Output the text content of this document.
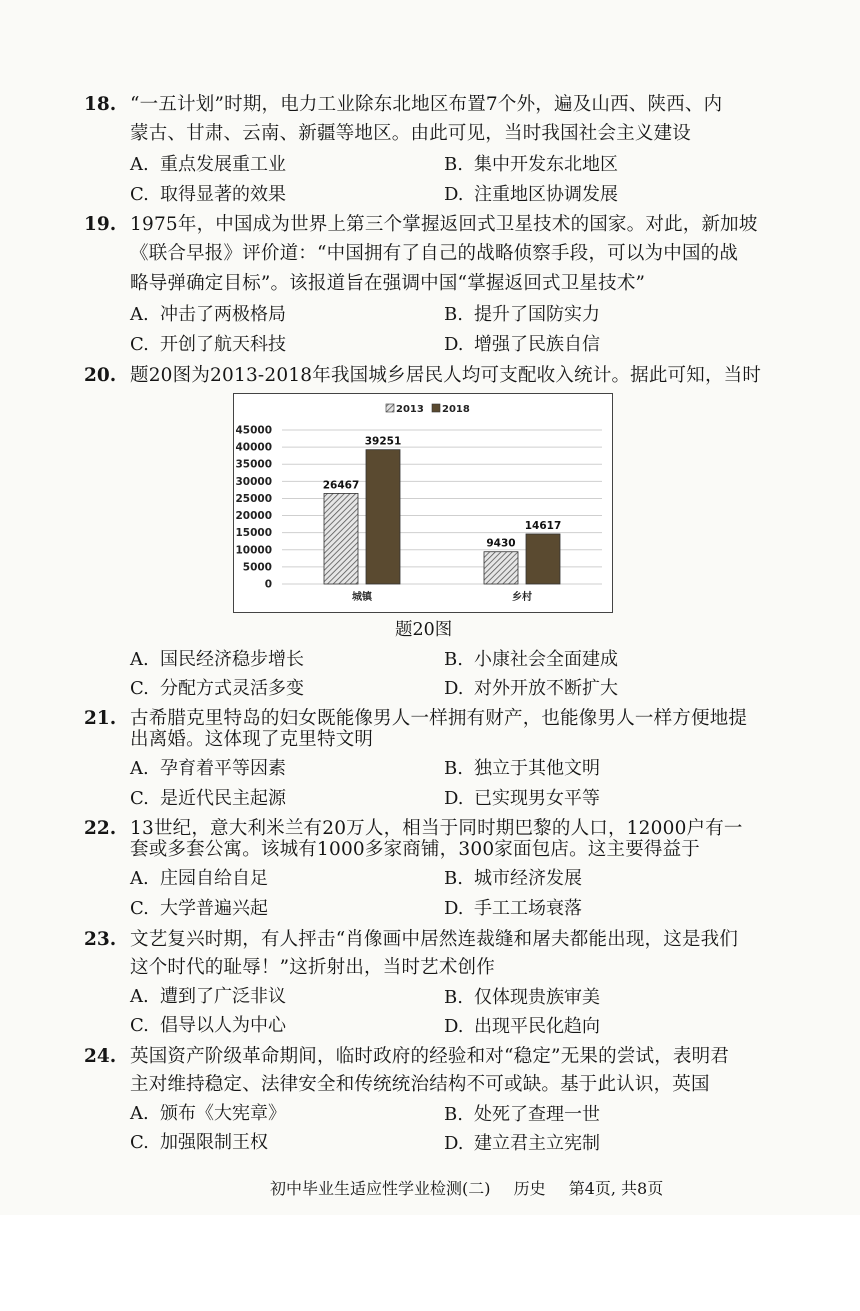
18. “一五计划”时期，电力工业除东北地区布置7个外，遍及山西、陕西、内
蒙古、甘肃、云南、新疆等地区。由此可见，当时我国社会主义建设
A. 重点发展重工业	B. 集中开发东北地区
C. 取得显著的效果	D. 注重地区协调发展
19. 1975年，中国成为世界上第三个掌握返回式卫星技术的国家。对此，新加坡
《联合早报》评价道：“中国拥有了自己的战略侦察手段，可以为中国的战
略导弹确定目标”。该报道旨在强调中国“掌握返回式卫星技术”
A. 冲击了两极格局	B. 提升了国防实力
C. 开创了航天科技	D. 增强了民族自信
20. 题20图为2013-2018年我国城乡居民人均可支配收入统计。据此可知，当时
45000
40000
35000
30000
25000
20000
15000
10000
5000
0
26467
39251
9430
14617
城镇	乡村
2013 2018
题20图
A. 国民经济稳步增长	B. 小康社会全面建成
C. 分配方式灵活多变	D. 对外开放不断扩大
21. 古希腊克里特岛的妇女既能像男人一样拥有财产，也能像男人一样方便地提
出离婚。这体现了克里特文明
A. 孕育着平等因素	B. 独立于其他文明
C. 是近代民主起源	D. 已实现男女平等
22. 13世纪，意大利米兰有20万人，相当于同时期巴黎的人口，12000户有一
套或多套公寓。该城有1000多家商铺，300家面包店。这主要得益于
A. 庄园自给自足	B. 城市经济发展
C. 大学普遍兴起	D. 手工工场衰落
23. 文艺复兴时期，有人抨击“肖像画中居然连裁缝和屠夫都能出现，这是我们
这个时代的耻辱！”这折射出，当时艺术创作
A. 遭到了广泛非议	B. 仅体现贵族审美
C. 倡导以人为中心	D. 出现平民化趋向
24. 英国资产阶级革命期间，临时政府的经验和对“稳定”无果的尝试，表明君
主对维持稳定、法律安全和传统统治结构不可或缺。基于此认识，英国
A. 颁布《大宪章》	B. 处死了查理一世
C. 加强限制王权	D. 建立君主立宪制
初中毕业生适应性学业检测(二) 历史 第4页, 共8页
